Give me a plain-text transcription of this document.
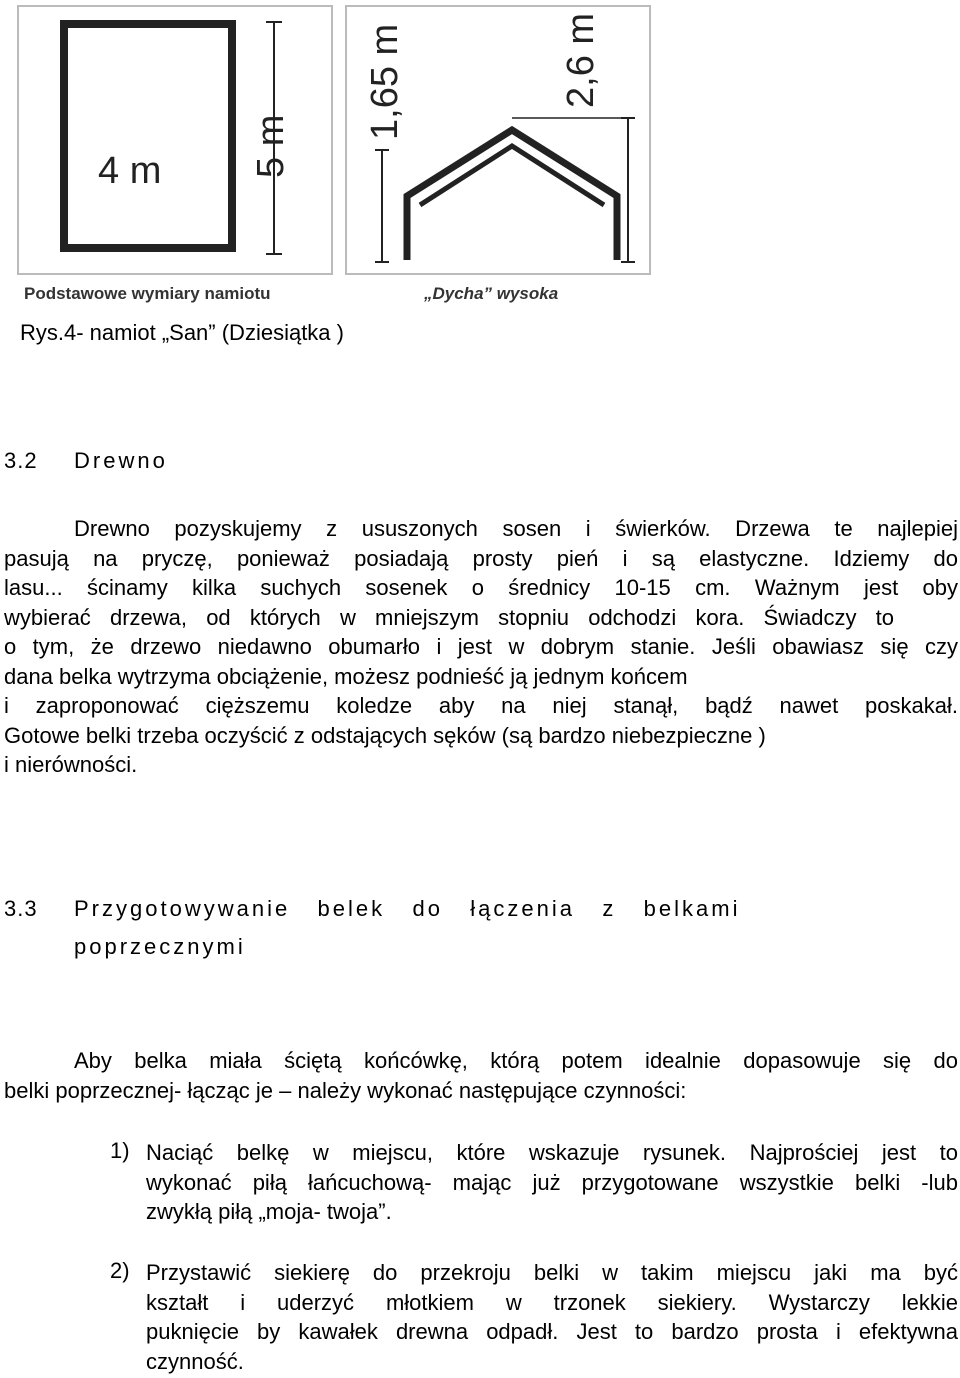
4 m 5 m
1,65 m	2,6 m
Podstawowe wymiary namiotu	„Dycha” wysoka
Rys.4- namiot „San” (Dziesiątka )
3.2 Drewno
Drewno pozyskujemy z ususzonych sosen i świerków. Drzewa te najlepiej
pasują na pryczę, ponieważ posiadają prosty pień i są elastyczne. Idziemy do
lasu... ścinamy kilka suchych sosenek o średnicy 10-15 cm. Ważnym jest oby
wybierać drzewa, od których w mniejszym stopniu odchodzi kora. Świadczy to
o tym, że drzewo niedawno obumarło i jest w dobrym stanie. Jeśli obawiasz się czy
dana belka wytrzyma obciążenie, możesz podnieść ją jednym końcem
i zaproponować cięższemu koledze aby na niej stanął, bądź nawet poskakał.
Gotowe belki trzeba oczyścić z odstających sęków (są bardzo niebezpieczne )
i nierówności.
3.3 Przygotowywanie   belek   do   łączenia   z   belkami
poprzecznymi
Aby belka miała ściętą końcówkę, którą potem idealnie dopasowuje się do
belki poprzecznej- łącząc je – należy wykonać następujące czynności:
1) Naciąć belkę w miejscu, które wskazuje rysunek. Najprościej jest to
wykonać piłą łańcuchową- mając już przygotowane wszystkie belki -lub
zwykłą piłą „moja- twoja”.
2) Przystawić siekierę do przekroju belki w takim miejscu jaki ma być
kształt i uderzyć młotkiem w trzonek siekiery. Wystarczy lekkie
puknięcie by kawałek drewna odpadł. Jest to bardzo prosta i efektywna
czynność.
